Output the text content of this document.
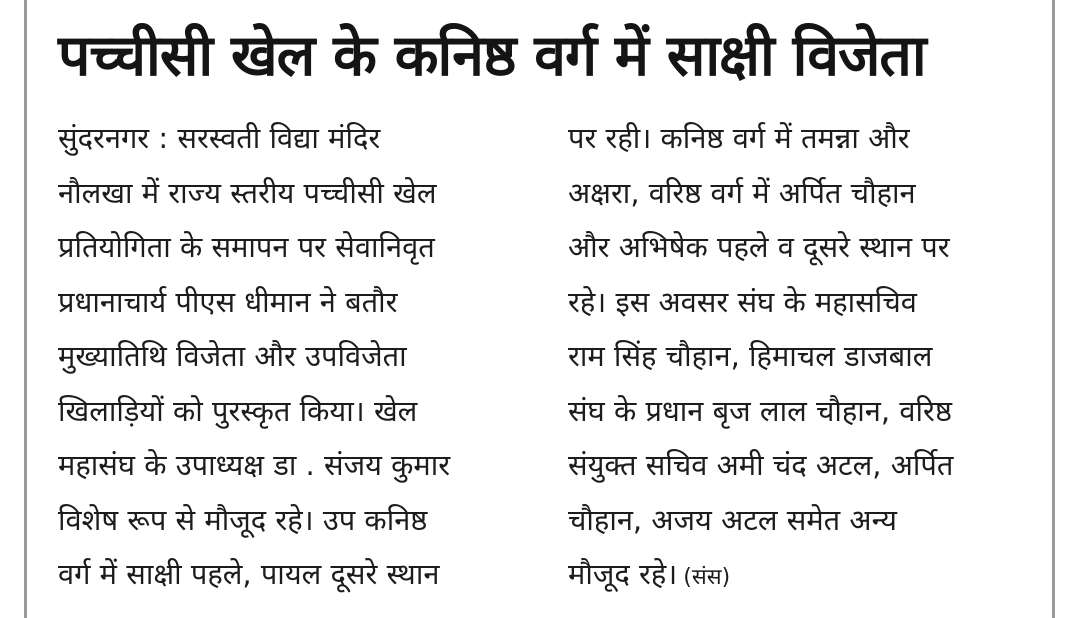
पच्चीसी खेल के कनिष्ठ वर्ग में साक्षी विजेता
सुंदरनगर : सरस्वती विद्या मंदिर
नौलखा में राज्य स्तरीय पच्चीसी खेल
प्रतियोगिता के समापन पर सेवानिवृत
प्रधानाचार्य पीएस धीमान ने बतौर
मुख्यातिथि विजेता और उपविजेता
खिलाड़ियों को पुरस्कृत किया। खेल
महासंघ के उपाध्यक्ष डा . संजय कुमार
विशेष रूप से मौजूद रहे। उप कनिष्ठ
वर्ग में साक्षी पहले, पायल दूसरे स्थान
पर रही। कनिष्ठ वर्ग में तमन्ना और
अक्षरा, वरिष्ठ वर्ग में अर्पित चौहान
और अभिषेक पहले व दूसरे स्थान पर
रहे। इस अवसर संघ के महासचिव
राम सिंह चौहान, हिमाचल डाजबाल
संघ के प्रधान बृज लाल चौहान, वरिष्ठ
संयुक्त सचिव अमी चंद अटल, अर्पित
चौहान, अजय अटल समेत अन्य
मौजूद रहे। (संस)
